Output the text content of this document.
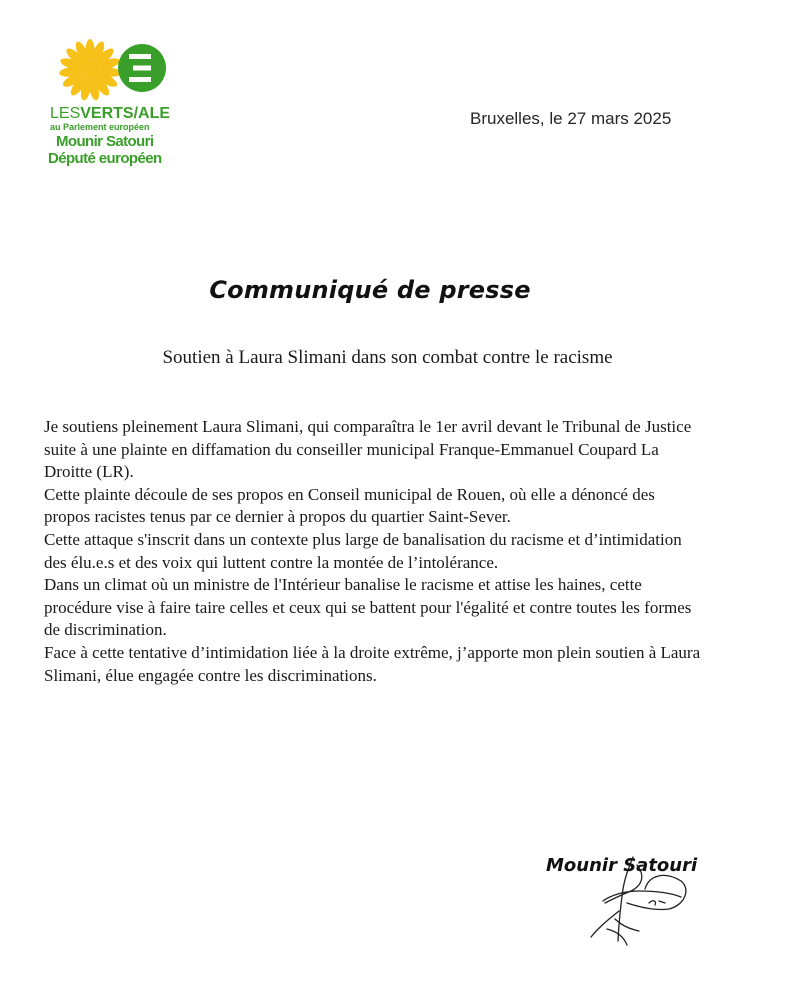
LESVERTS/ALE
au Parlement européen
Mounir Satouri
Député européen
Bruxelles, le 27 mars 2025
Communiqué de presse
Soutien à Laura Slimani dans son combat contre le racisme

Je soutiens pleinement Laura Slimani, qui comparaîtra le 1er avril devant le Tribunal de Justice suite à une plainte en diffamation du conseiller municipal Franque-Emmanuel Coupard La Droitte (LR).

Cette plainte découle de ses propos en Conseil municipal de Rouen, où elle a dénoncé des propos racistes tenus par ce dernier à propos du quartier Saint-Sever.

Cette attaque s'inscrit dans un contexte plus large de banalisation du racisme et d’intimidation des élu.e.s et des voix qui luttent contre la montée de l’intolérance.

Dans un climat où un ministre de l'Intérieur banalise le racisme et attise les haines, cette procédure vise à faire taire celles et ceux qui se battent pour l'égalité et contre toutes les formes de discrimination.

Face à cette tentative d’intimidation liée à la droite extrême, j’apporte mon plein soutien à Laura Slimani, élue engagée contre les discriminations.

Mounir Satouri
